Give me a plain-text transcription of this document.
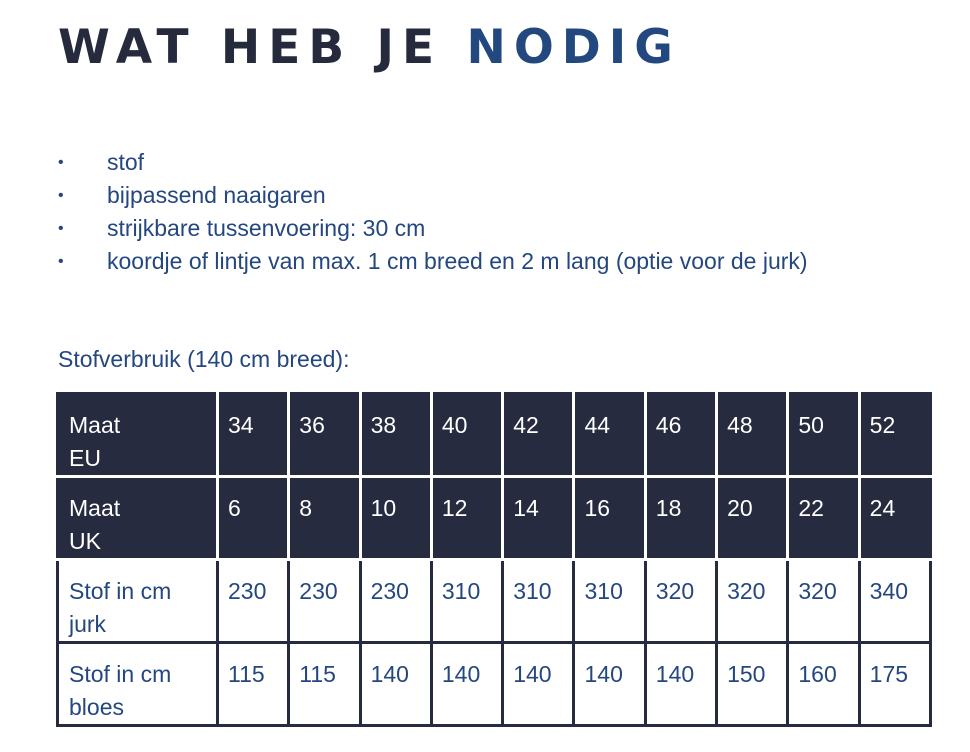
WAT HEB JE NODIG
• stof
• bijpassend naaigaren
• strijkbare tussenvoering: 30 cm
• koordje of lintje van max. 1 cm breed en 2 m lang (optie voor de jurk)
Stofverbruik (140 cm breed):
Maat
EU	34	36	38	40	42	44	46	48	50	52

Maat
UK	6	8	10	12	14	16	18	20	22	24

Stof in cm
jurk	230	230	230	310	310	310	320	320	320	340

Stof in cm
bloes	115	115	140	140	140	140	140	150	160	175
